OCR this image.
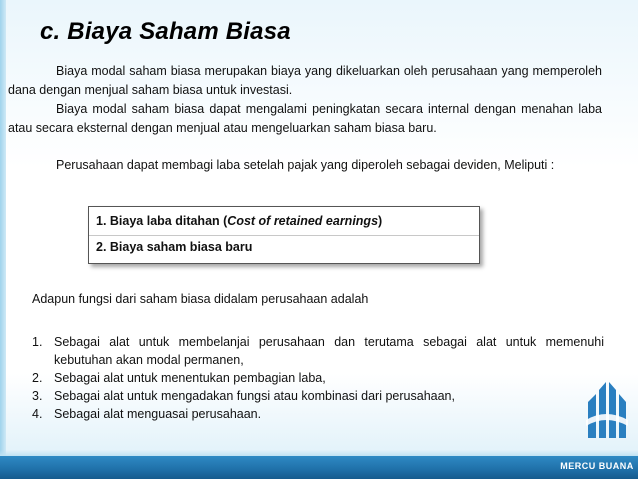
c. Biaya Saham Biasa

Biaya modal saham biasa merupakan biaya yang dikeluarkan oleh perusahaan yang memperoleh dana dengan menjual saham biasa untuk investasi.

Biaya modal saham biasa dapat mengalami peningkatan secara internal dengan menahan laba atau secara eksternal dengan menjual atau mengeluarkan saham biasa baru.

Perusahaan dapat membagi laba setelah pajak yang diperoleh sebagai deviden, Meliputi :

1. Biaya laba ditahan (Cost of retained earnings)
2. Biaya saham biasa baru

Adapun fungsi dari saham biasa didalam perusahaan adalah

1. Sebagai alat untuk membelanjai perusahaan dan terutama sebagai alat untuk memenuhi kebutuhan akan modal permanen,
2. Sebagai alat untuk menentukan pembagian laba,
3. Sebagai alat untuk mengadakan fungsi atau kombinasi dari perusahaan,
4. Sebagai alat menguasai perusahaan.
MERCU BUANA
